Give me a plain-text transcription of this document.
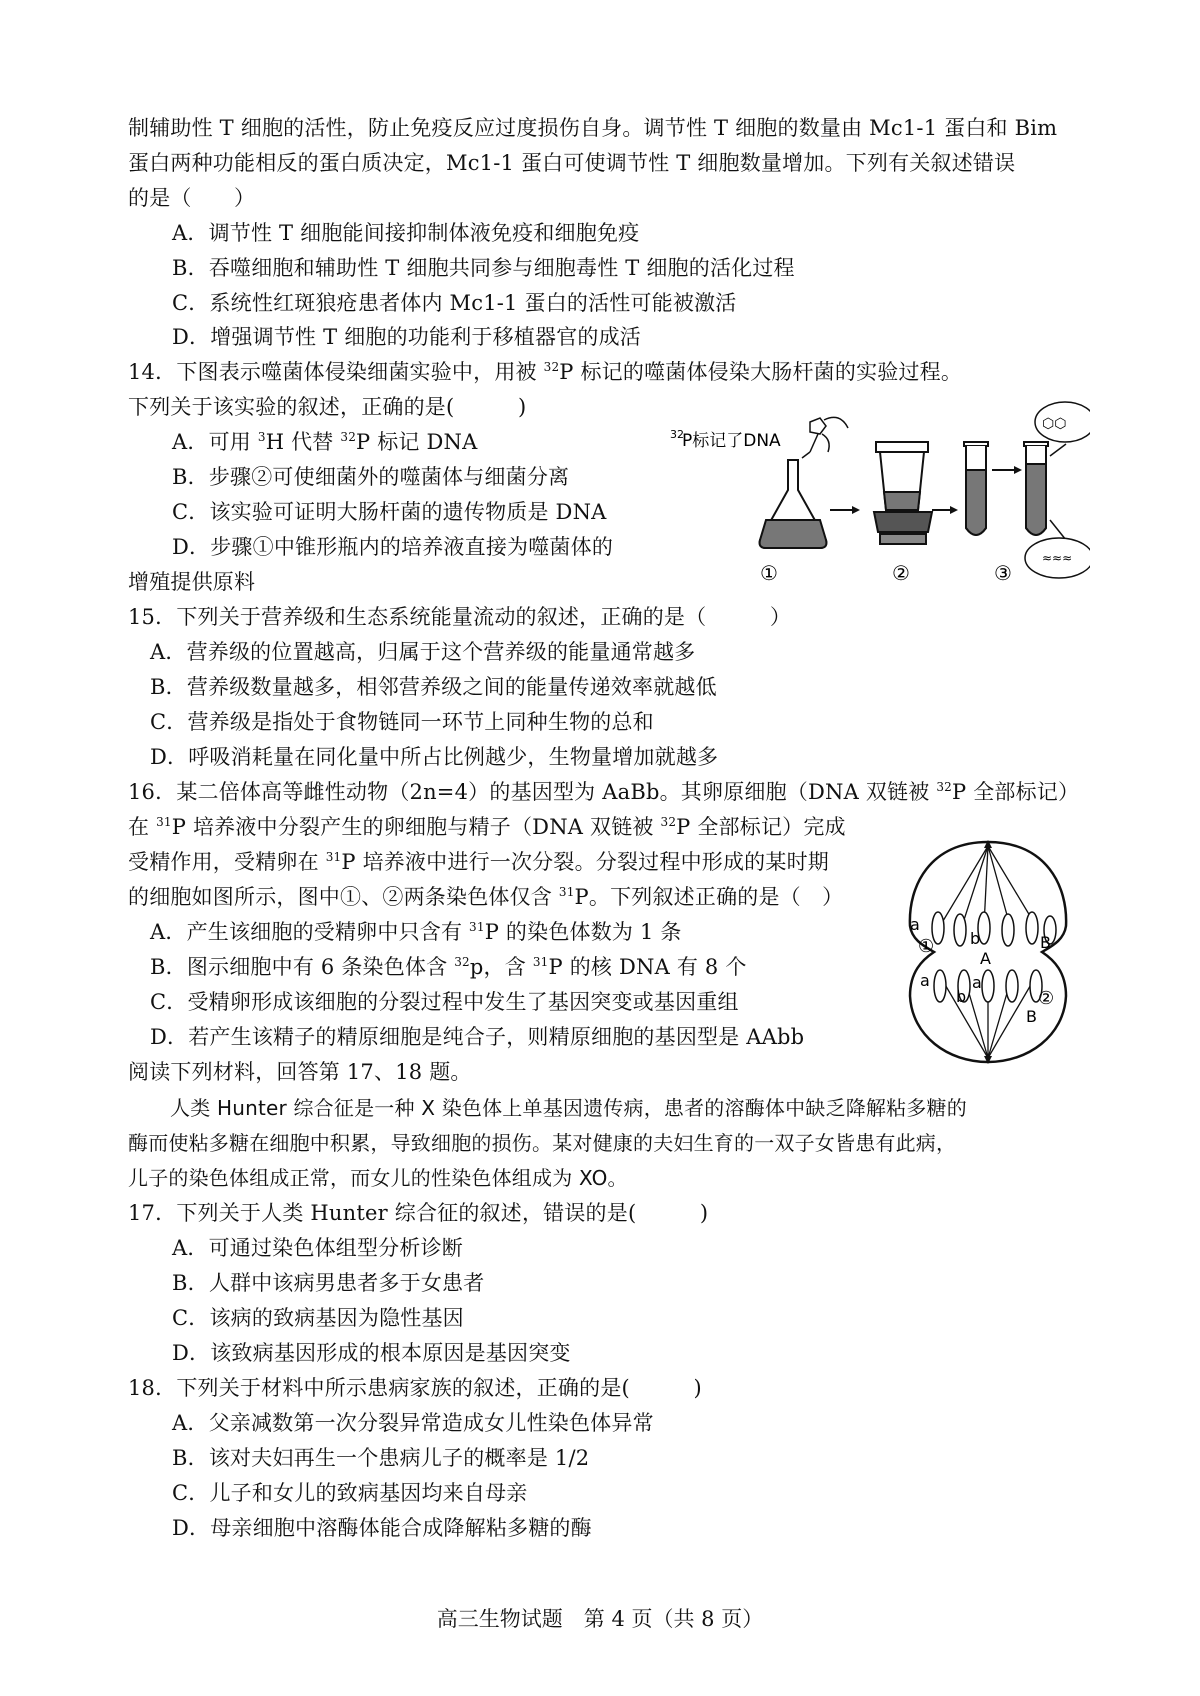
制辅助性 T 细胞的活性，防止免疫反应过度损伤自身。调节性 T 细胞的数量由 Mc1-1 蛋白和 Bim
蛋白两种功能相反的蛋白质决定，Mc1-1 蛋白可使调节性 T 细胞数量增加。下列有关叙述错误
的是（　　）
A．调节性 T 细胞能间接抑制体液免疫和细胞免疫
B．吞噬细胞和辅助性 T 细胞共同参与细胞毒性 T 细胞的活化过程
C．系统性红斑狼疮患者体内 Mc1-1 蛋白的活性可能被激活
D．增强调节性 T 细胞的功能利于移植器官的成活
14．下图表示噬菌体侵染细菌实验中，用被 $^{32}$P 标记的噬菌体侵染大肠杆菌的实验过程。
下列关于该实验的叙述，正确的是(　　　)
A．可用 $^3$H 代替 $^{32}$P 标记 DNA
B．步骤②可使细菌外的噬菌体与细菌分离
C．该实验可证明大肠杆菌的遗传物质是 DNA
D．步骤①中锥形瓶内的培养液直接为噬菌体的
增殖提供原料
32
P标记了DNA
≈≈≈
⬡⬡
①	②	③
15．下列关于营养级和生态系统能量流动的叙述，正确的是（　　　）
A．营养级的位置越高，归属于这个营养级的能量通常越多
B．营养级数量越多，相邻营养级之间的能量传递效率就越低
C．营养级是指处于食物链同一环节上同种生物的总和
D．呼吸消耗量在同化量中所占比例越少，生物量增加就越多
16．某二倍体高等雌性动物（2n=4）的基因型为 AaBb。其卵原细胞（DNA 双链被 $^{32}$P 全部标记）
在 $^{31}$P 培养液中分裂产生的卵细胞与精子（DNA 双链被 $^{32}$P 全部标记）完成
受精作用，受精卵在 $^{31}$P 培养液中进行一次分裂。分裂过程中形成的某时期
的细胞如图所示，图中①、②两条染色体仅含 $^{31}$P。下列叙述正确的是（　）
A．产生该细胞的受精卵中只含有 $^{31}$P 的染色体数为 1 条
B．图示细胞中有 6 条染色体含 $^{32}$p，含 $^{31}$P 的核 DNA 有 8 个
C．受精卵形成该细胞的分裂过程中发生了基因突变或基因重组
D．若产生该精子的精原细胞是纯合子，则精原细胞的基因型是 AAbb
a
① b
A
B
a
b
a
B
②
阅读下列材料，回答第 17、18 题。
人类 Hunter 综合征是一种 X 染色体上单基因遗传病，患者的溶酶体中缺乏降解粘多糖的
酶而使粘多糖在细胞中积累，导致细胞的损伤。某对健康的夫妇生育的一双子女皆患有此病，
儿子的染色体组成正常，而女儿的性染色体组成为 XO。
17．下列关于人类 Hunter 综合征的叙述，错误的是(　　　)
A．可通过染色体组型分析诊断
B．人群中该病男患者多于女患者
C．该病的致病基因为隐性基因
D．该致病基因形成的根本原因是基因突变
18．下列关于材料中所示患病家族的叙述，正确的是(　　　)
A．父亲减数第一次分裂异常造成女儿性染色体异常
B．该对夫妇再生一个患病儿子的概率是 1/2
C．儿子和女儿的致病基因均来自母亲
D．母亲细胞中溶酶体能合成降解粘多糖的酶
高三生物试题　第 4 页（共 8 页）
